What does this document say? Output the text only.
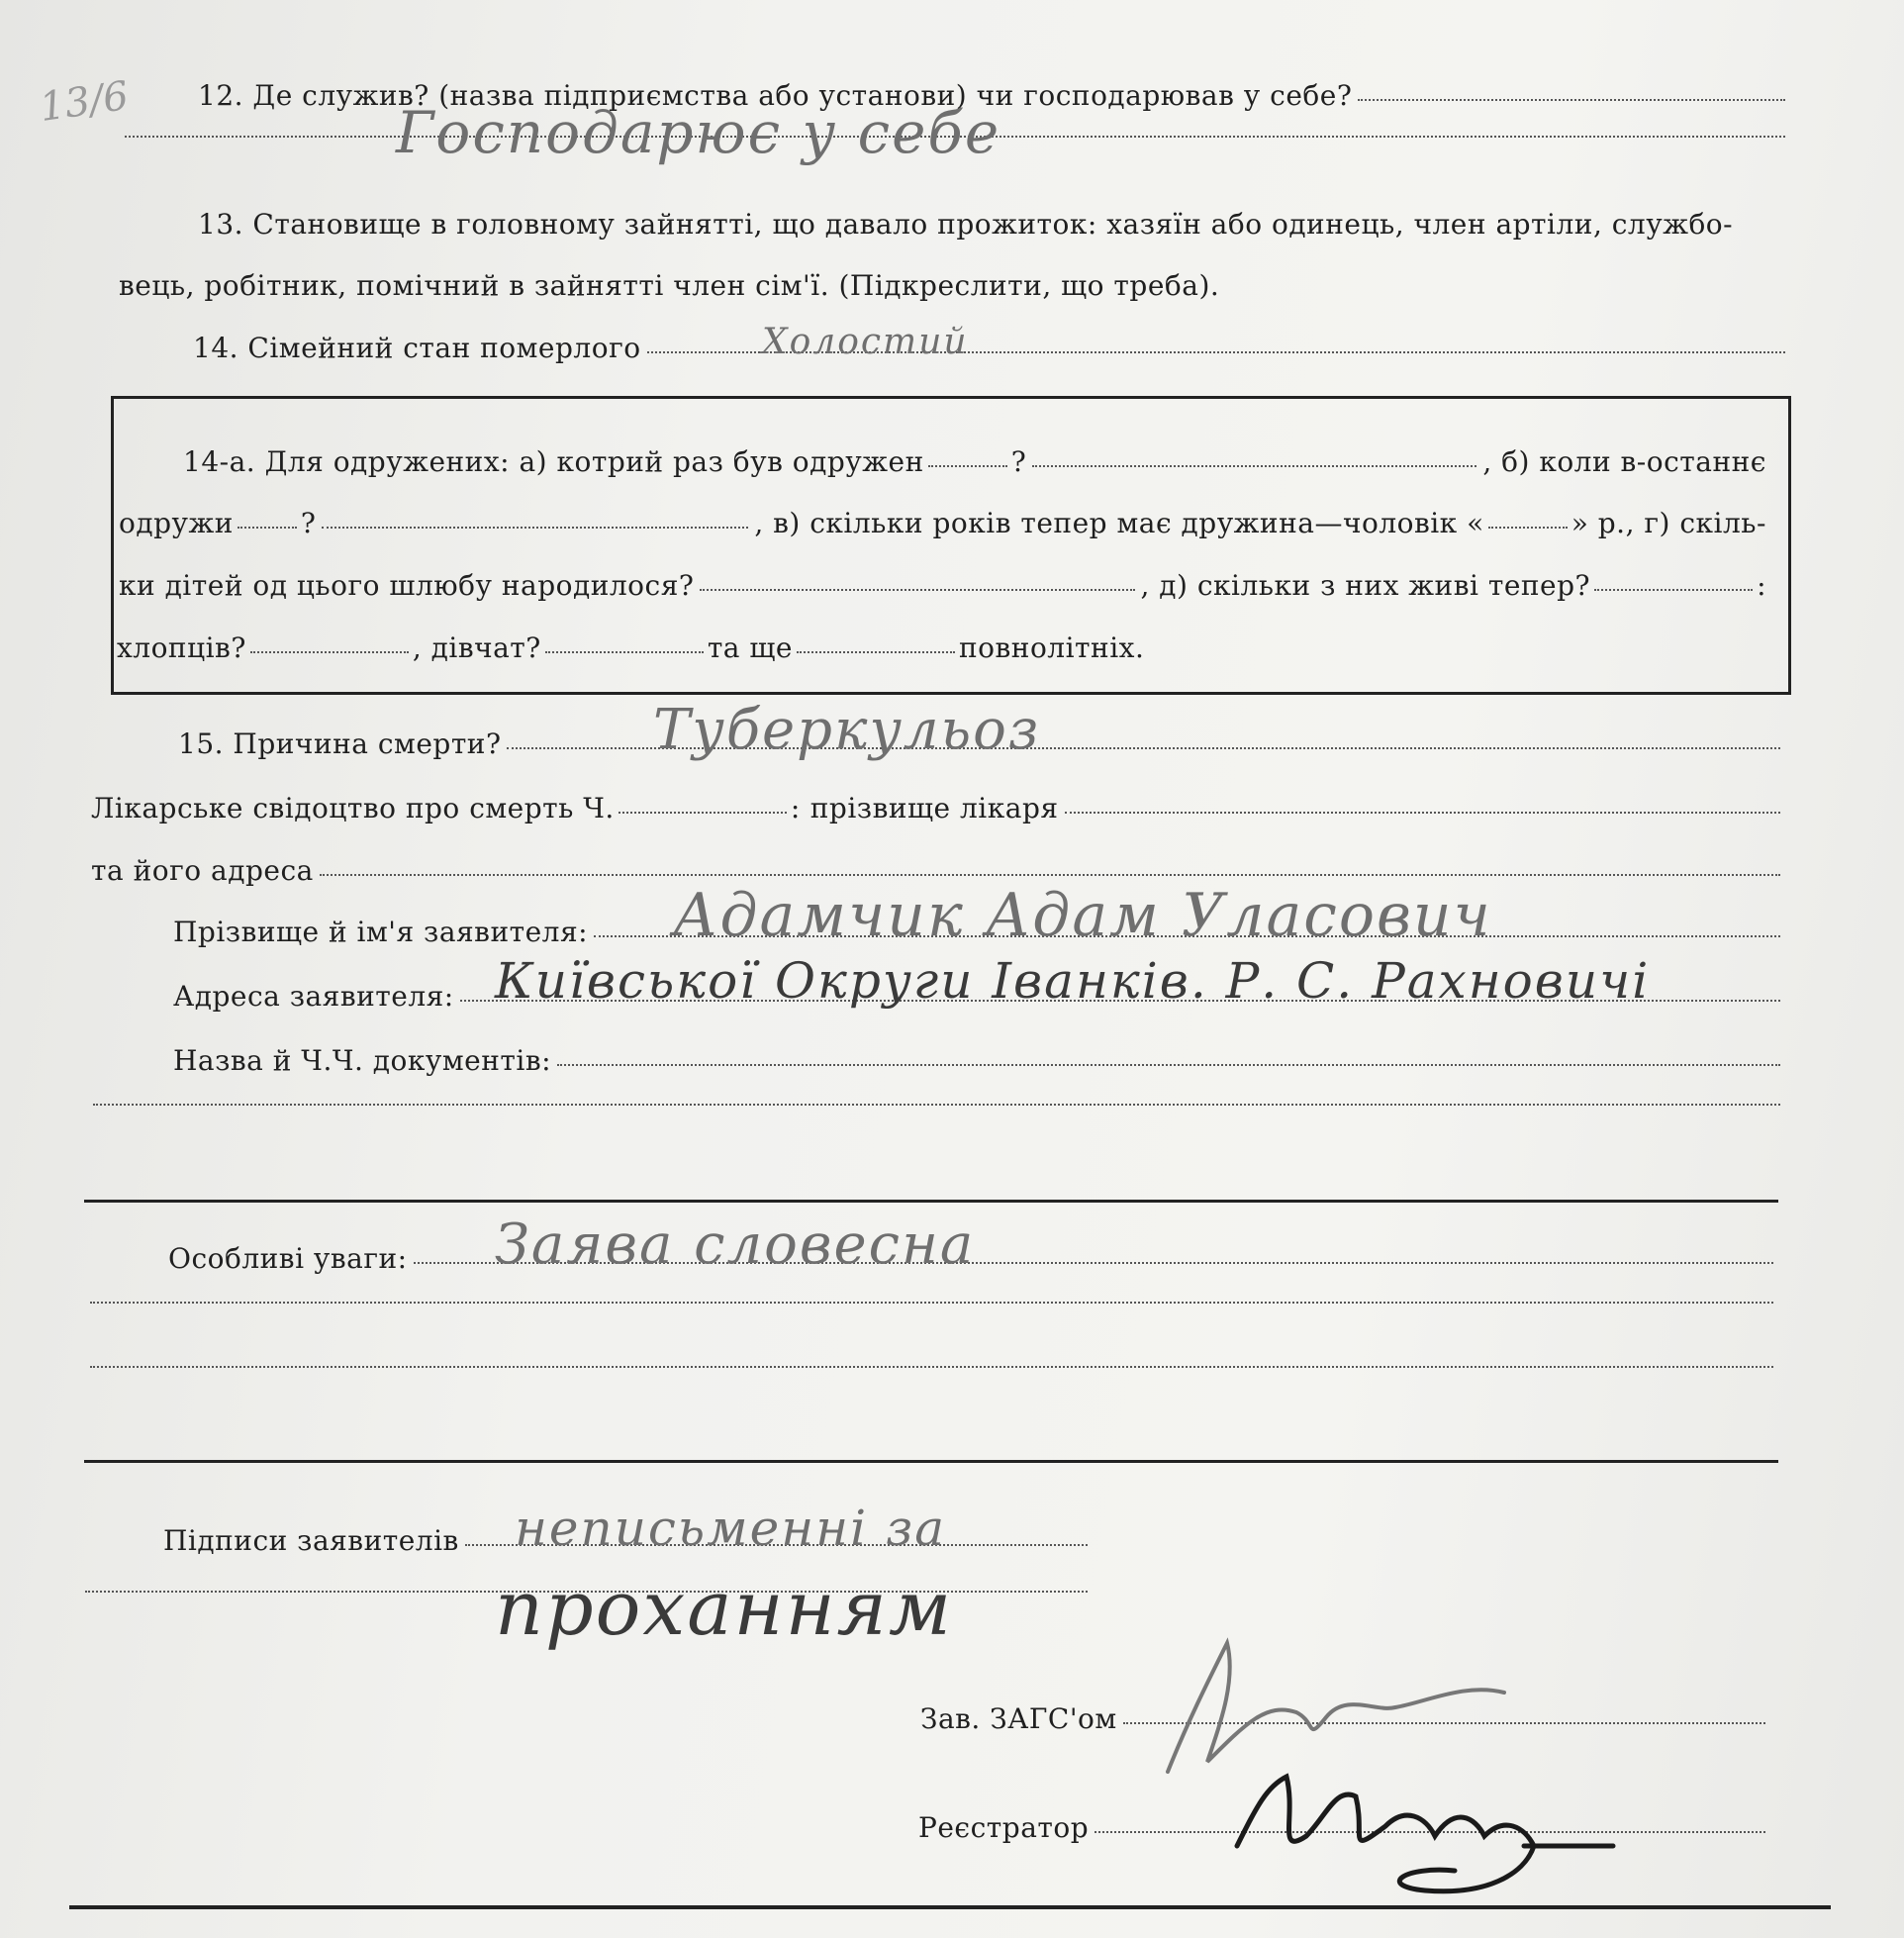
13/6 12. Де служив? (назва підприємства або установи) чи господарював у себе?
Господарює у себе
13. Становище в головному зайнятті, що давало прожиток: хазяїн або одинець, член артіли, службо-
вець, робітник, помічний в зайнятті член сім'ї. (Підкреслити, що треба).
14. Сімейний стан померлого	Холостий
14-а. Для одружених: а) котрий раз був одружен	?	, б) коли в-останнє
одружи ?	, в) скільки років тепер має дружина—чоловік «	» р., г) скіль-
ки дітей од цього шлюбу народилося?	, д) скільки з них живі тепер?	:
хлопців?	, дівчат?	та ще	повнолітніх.
15. Причина смерти?	Туберкульоз
Лікарське свідоцтво про смерть Ч.	: прізвище лікаря
та його адреса
Прізвище й ім'я заявителя: Адамчик Адам Уласович
Адреса заявителя: Київської Округи Іванків. Р. С. Рахновичі
Назва й Ч.Ч. документів:
Особливі уваги: Заява словесна
Підписи заявителів неписьменні за
проханням
Зав. ЗАГС'ом
Реєстратор
